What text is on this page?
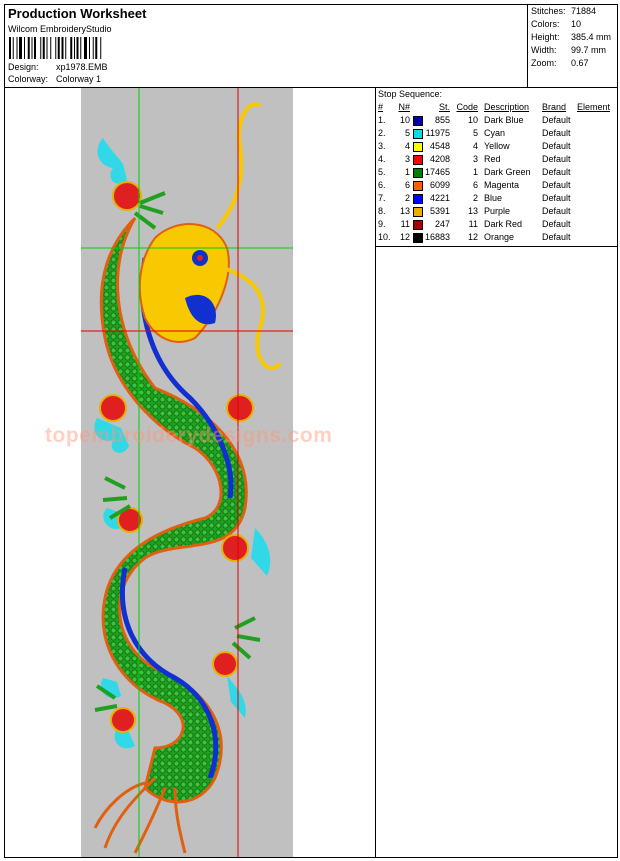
Production Worksheet
Wilcom EmbroideryStudio
Design: xp1978.EMB
Colorway: Colorway 1
Stitches: 71884
Colors: 10
Height: 385.4 mm
Width: 99.7 mm
Zoom: 0.67
topembroiderydesigns.com
Stop Sequence:
#	N#	St. Code Description Brand Element
1.	10	855	10 Dark Blue Default
2.	5	11975	5 Cyan	Default
3.	4	4548	4 Yellow	Default
4.	3	4208	3 Red	Default
5.	1	17465	1 Dark Green Default
6.	6	6099	6 Magenta	Default
7.	2	4221	2 Blue	Default
8.	13	5391	13 Purple	Default
9.	11	247	11 Dark Red Default
10.	12	16883	12 Orange	Default
